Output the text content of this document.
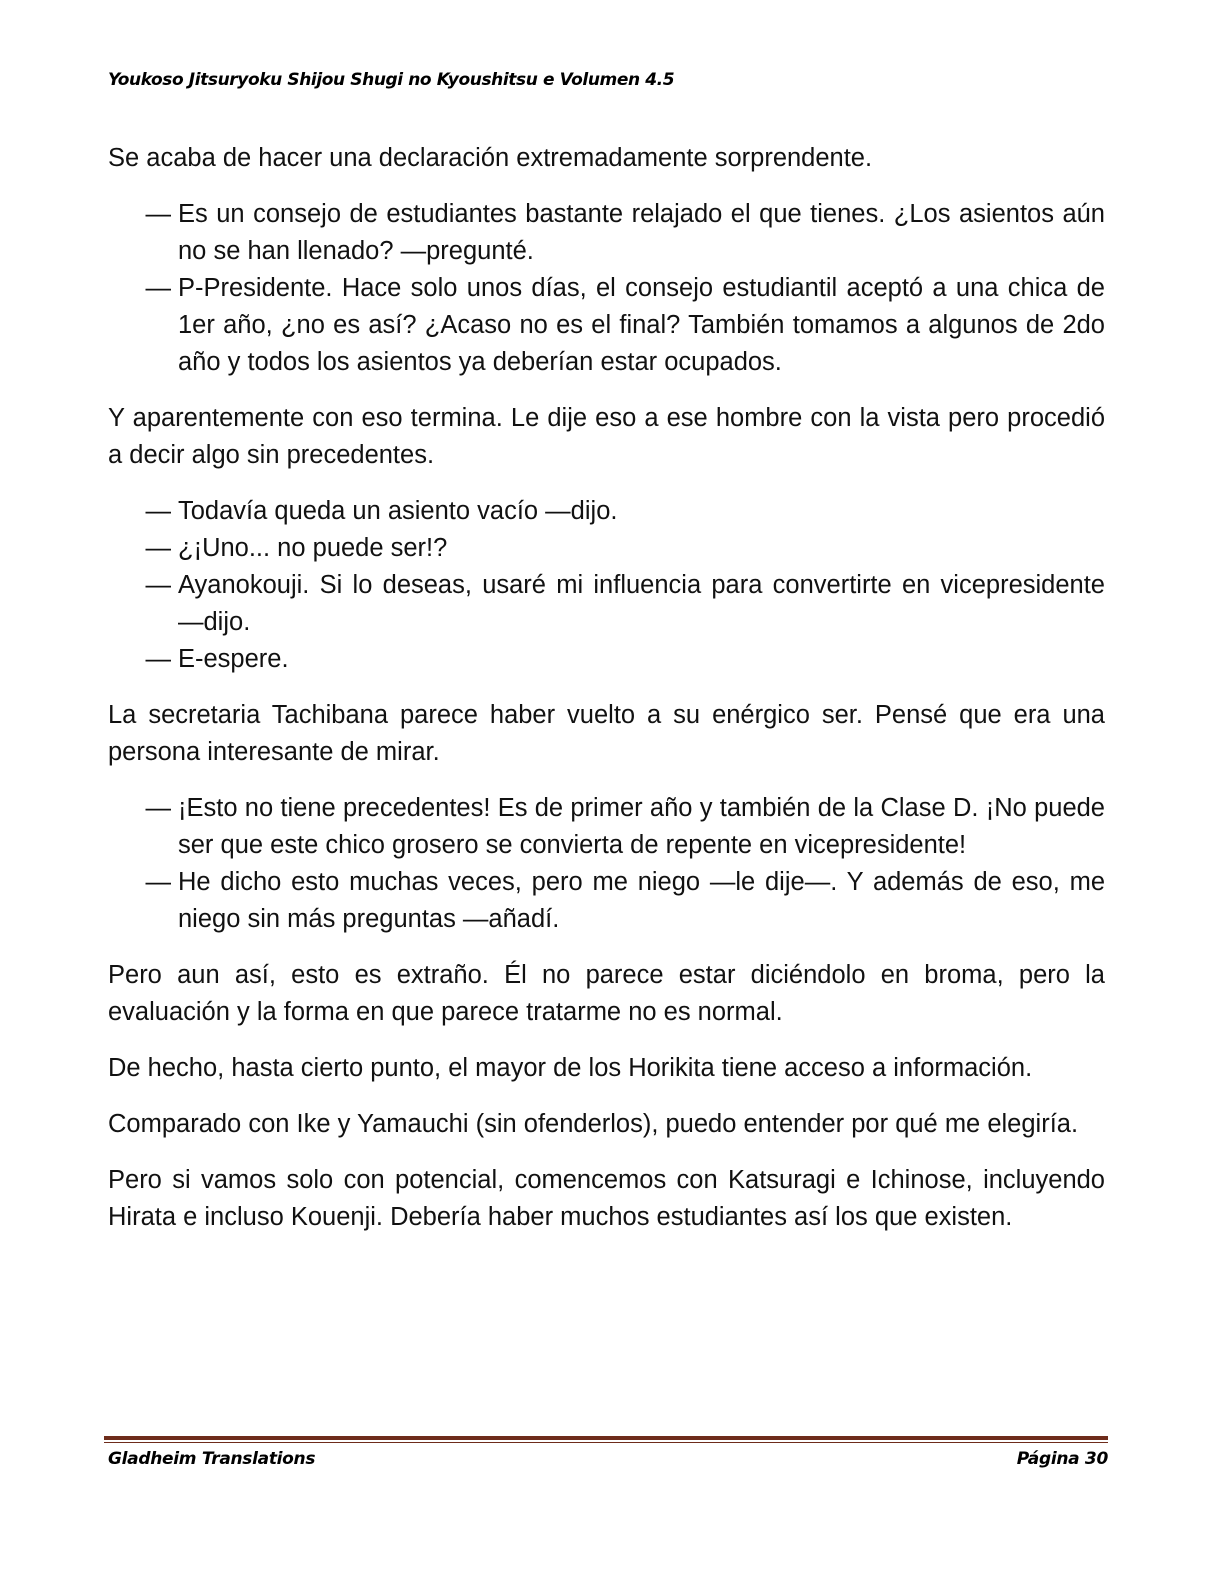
Youkoso Jitsuryoku Shijou Shugi no Kyoushitsu e Volumen 4.5

Se acaba de hacer una declaración extremadamente sorprendente.

— Es un consejo de estudiantes bastante relajado el que tienes. ¿Los asientos aún no se han llenado? —pregunté.
— P-Presidente. Hace solo unos días, el consejo estudiantil aceptó a una chica de 1er año, ¿no es así? ¿Acaso no es el final? También tomamos a algunos de 2do año y todos los asientos ya deberían estar ocupados.

Y aparentemente con eso termina. Le dije eso a ese hombre con la vista pero procedió a decir algo sin precedentes.

— Todavía queda un asiento vacío —dijo.
— ¿¡Uno... no puede ser!?
— Ayanokouji. Si lo deseas, usaré mi influencia para convertirte en vicepresidente —dijo.
— E-espere.

La secretaria Tachibana parece haber vuelto a su enérgico ser. Pensé que era una persona interesante de mirar.

— ¡Esto no tiene precedentes! Es de primer año y también de la Clase D. ¡No puede ser que este chico grosero se convierta de repente en vicepresidente!
— He dicho esto muchas veces, pero me niego —le dije—. Y además de eso, me niego sin más preguntas —añadí.

Pero aun así, esto es extraño. Él no parece estar diciéndolo en broma, pero la evaluación y la forma en que parece tratarme no es normal.

De hecho, hasta cierto punto, el mayor de los Horikita tiene acceso a información.

Comparado con Ike y Yamauchi (sin ofenderlos), puedo entender por qué me elegiría.

Pero si vamos solo con potencial, comencemos con Katsuragi e Ichinose, incluyendo Hirata e incluso Kouenji. Debería haber muchos estudiantes así los que existen.

Gladheim Translations	Página 30
